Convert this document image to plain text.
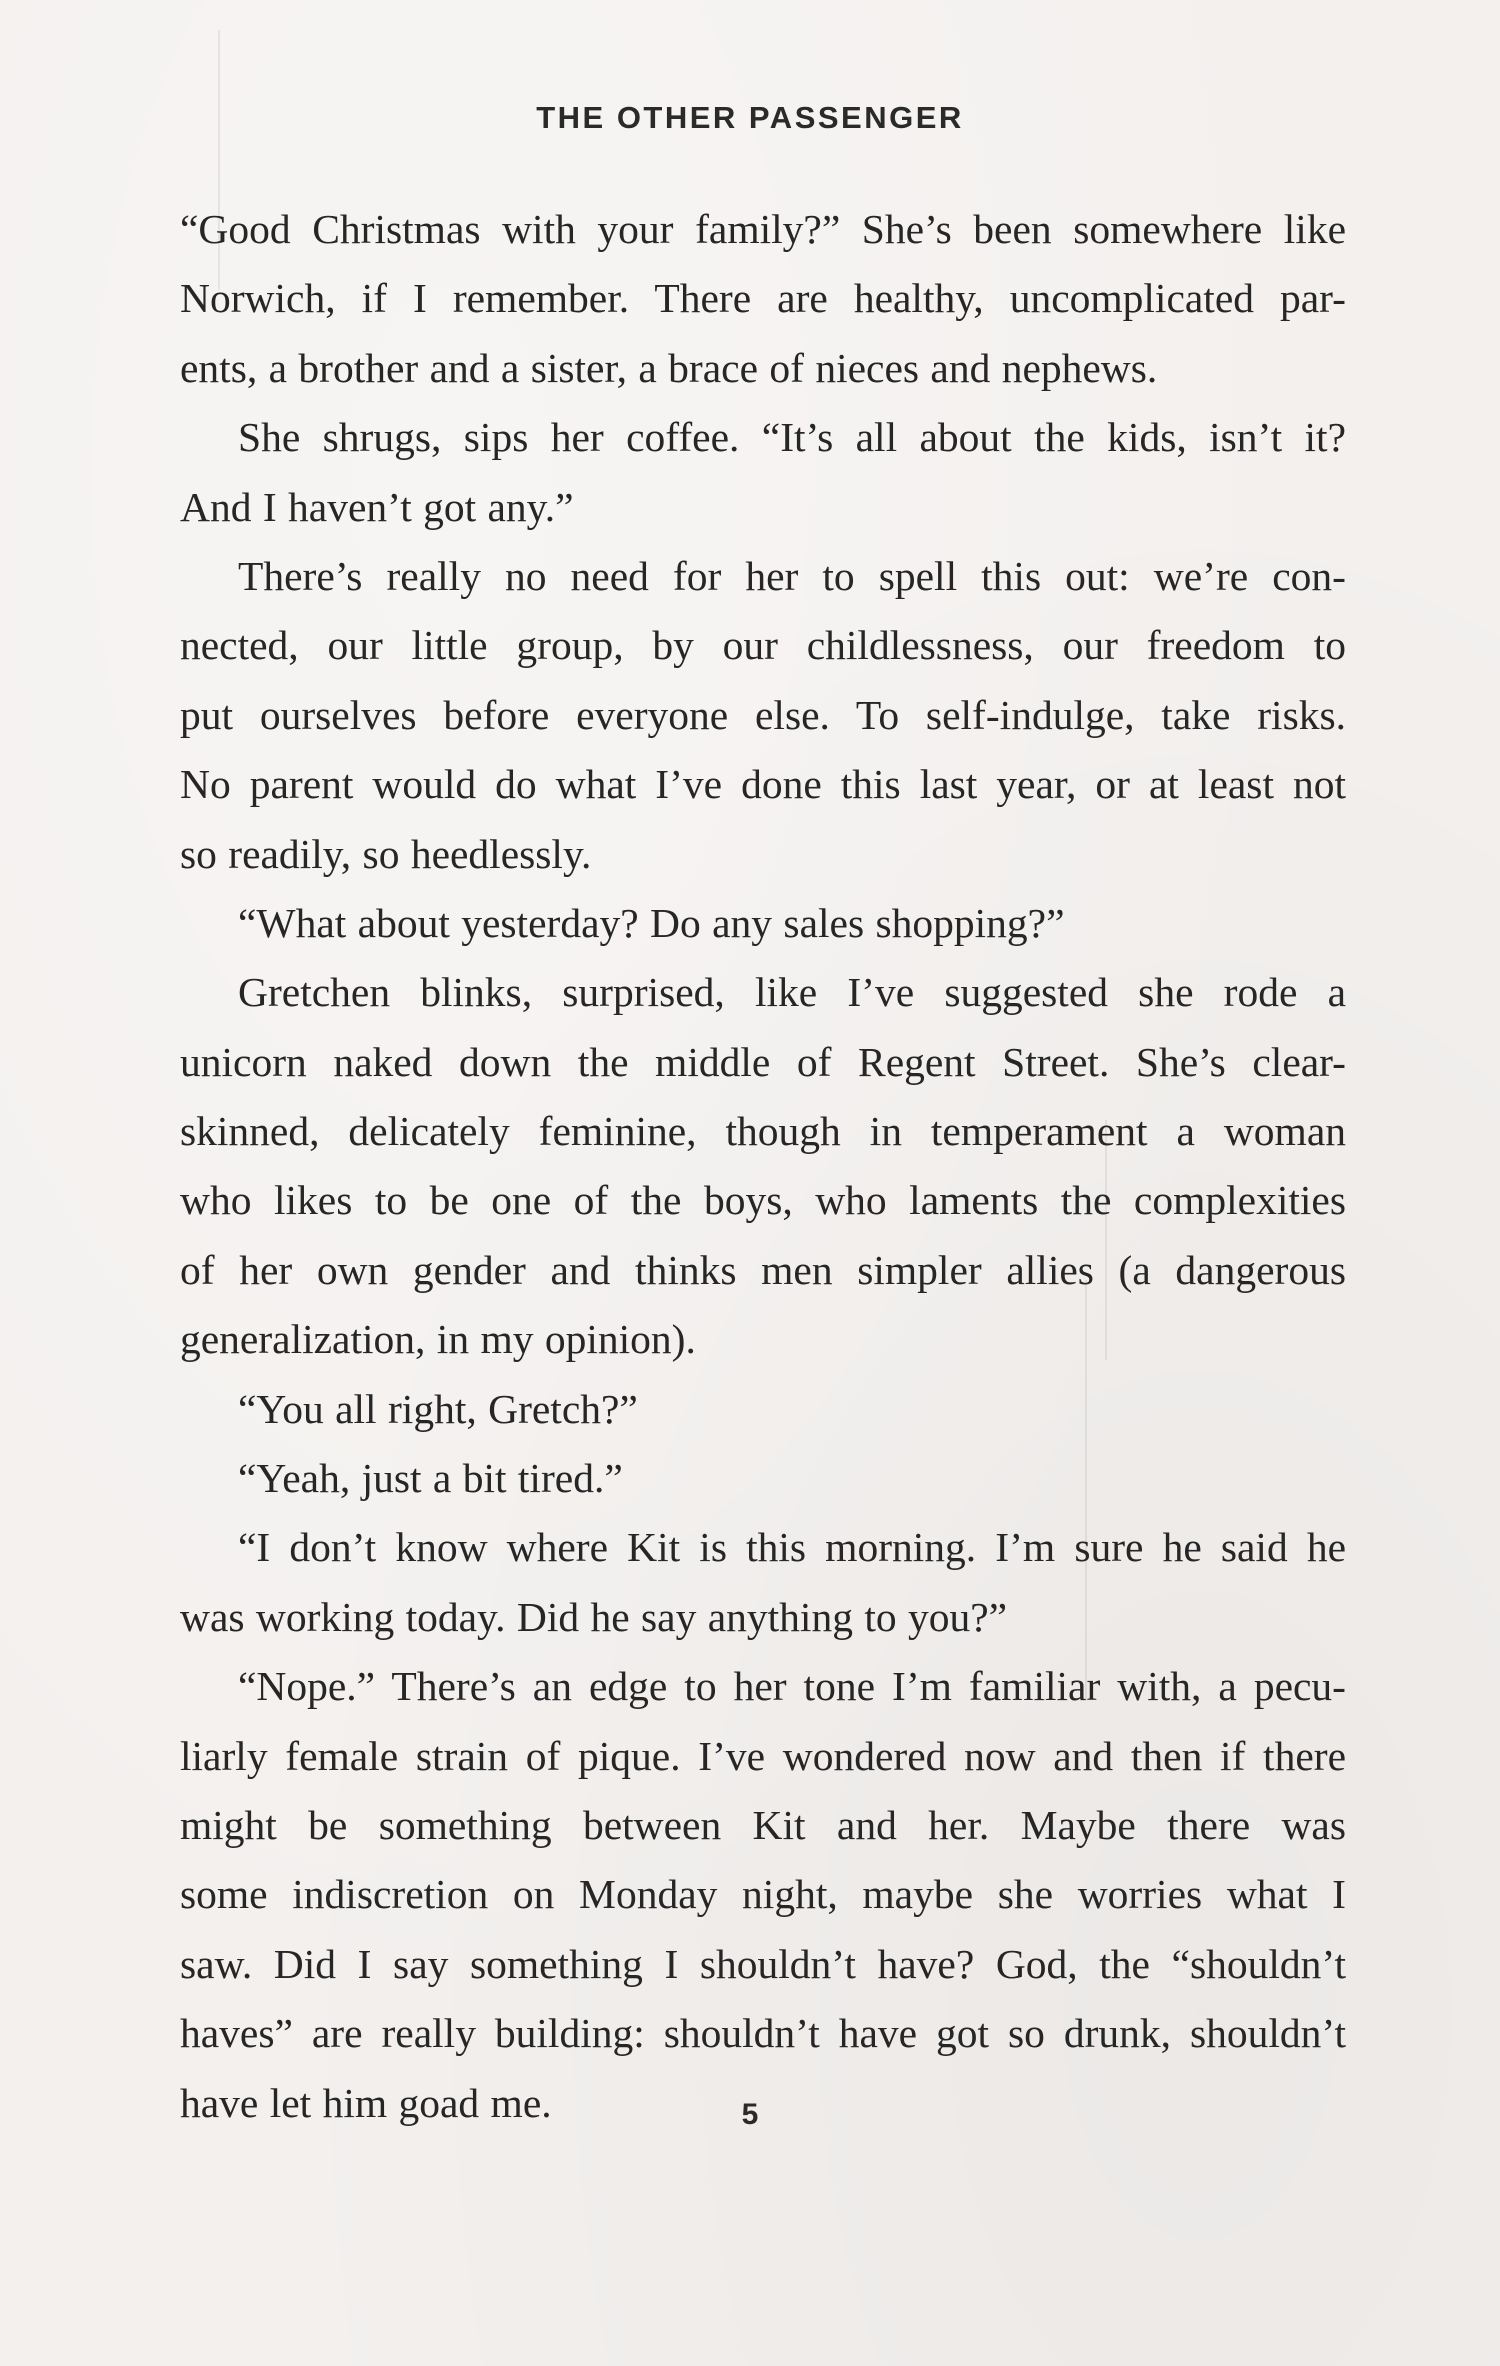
THE OTHER PASSENGER
“Good Christmas with your family?” She’s been somewhere like
Norwich, if I remember. There are healthy, uncomplicated par-
ents, a brother and a sister, a brace of nieces and nephews.
She shrugs, sips her coffee. “It’s all about the kids, isn’t it?
And I haven’t got any.”
There’s really no need for her to spell this out: we’re con-
nected, our little group, by our childlessness, our freedom to
put ourselves before everyone else. To self-indulge, take risks.
No parent would do what I’ve done this last year, or at least not
so readily, so heedlessly.
“What about yesterday? Do any sales shopping?”
Gretchen blinks, surprised, like I’ve suggested she rode a
unicorn naked down the middle of Regent Street. She’s clear-
skinned, delicately feminine, though in temperament a woman
who likes to be one of the boys, who laments the complexities
of her own gender and thinks men simpler allies (a dangerous
generalization, in my opinion).
“You all right, Gretch?”
“Yeah, just a bit tired.”
“I don’t know where Kit is this morning. I’m sure he said he
was working today. Did he say anything to you?”
“Nope.” There’s an edge to her tone I’m familiar with, a pecu-
liarly female strain of pique. I’ve wondered now and then if there
might be something between Kit and her. Maybe there was
some indiscretion on Monday night, maybe she worries what I
saw. Did I say something I shouldn’t have? God, the “shouldn’t
haves” are really building: shouldn’t have got so drunk, shouldn’t
have let him goad me.	5
